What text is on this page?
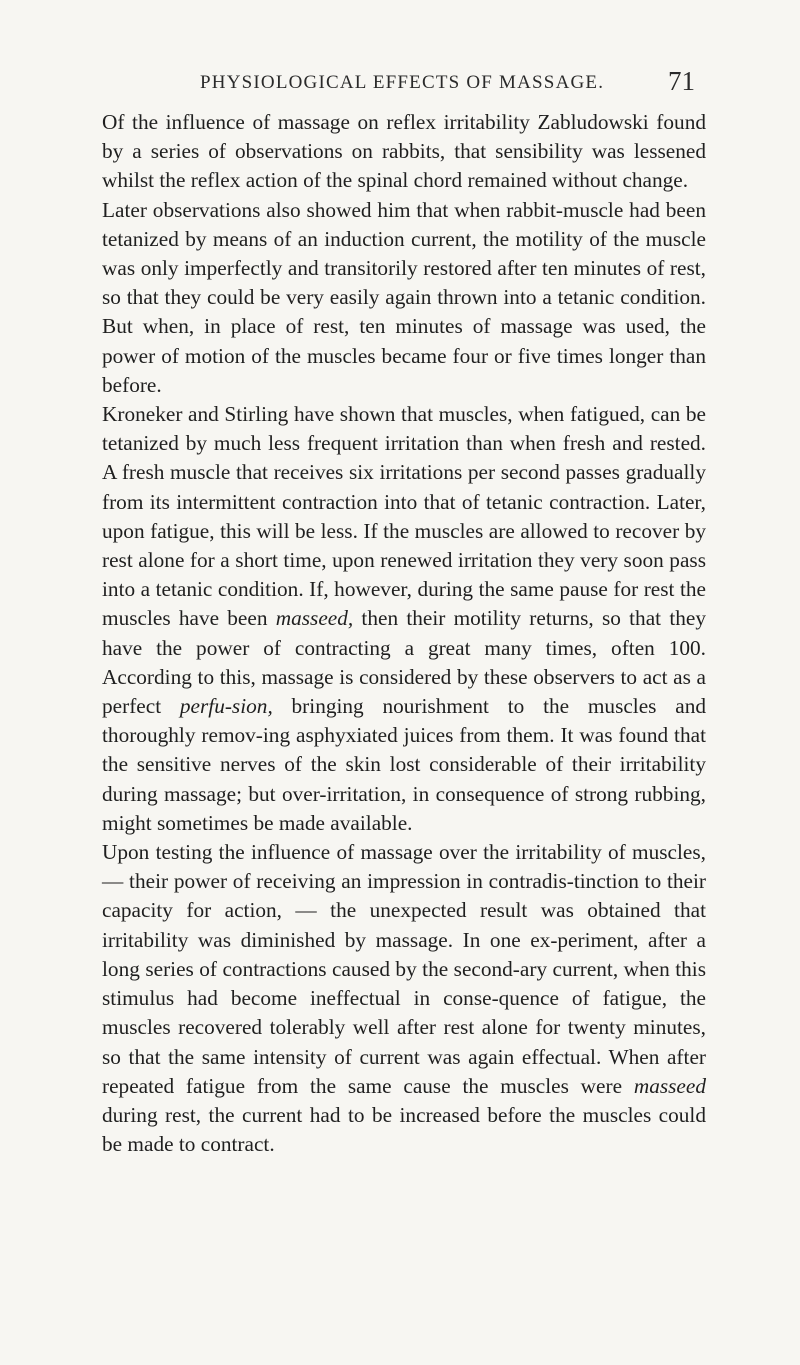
PHYSIOLOGICAL EFFECTS OF MASSAGE. 71

Of the influence of massage on reflex irritability Zabludowski found by a series of observations on rabbits, that sensibility was lessened whilst the reflex action of the spinal chord remained without change.

Later observations also showed him that when rabbit-muscle had been tetanized by means of an induction current, the motility of the muscle was only imperfectly and transitorily restored after ten minutes of rest, so that they could be very easily again thrown into a tetanic condition. But when, in place of rest, ten minutes of massage was used, the power of motion of the muscles became four or five times longer than before.

Kroneker and Stirling have shown that muscles, when fatigued, can be tetanized by much less frequent irritation than when fresh and rested. A fresh muscle that receives six irritations per second passes gradually from its intermittent contraction into that of tetanic contraction. Later, upon fatigue, this will be less. If the muscles are allowed to recover by rest alone for a short time, upon renewed irritation they very soon pass into a tetanic condition. If, however, during the same pause for rest the muscles have been masseed, then their motility returns, so that they have the power of contracting a great many times, often 100. According to this, massage is considered by these observers to act as a perfect perfu-sion, bringing nourishment to the muscles and thoroughly remov-ing asphyxiated juices from them. It was found that the sensitive nerves of the skin lost considerable of their irritability during massage; but over-irritation, in consequence of strong rubbing, might sometimes be made available.

Upon testing the influence of massage over the irritability of muscles, — their power of receiving an impression in contradis-tinction to their capacity for action, — the unexpected result was obtained that irritability was diminished by massage. In one ex-periment, after a long series of contractions caused by the second-ary current, when this stimulus had become ineffectual in conse-quence of fatigue, the muscles recovered tolerably well after rest alone for twenty minutes, so that the same intensity of current was again effectual. When after repeated fatigue from the same cause the muscles were masseed during rest, the current had to be increased before the muscles could be made to contract.
